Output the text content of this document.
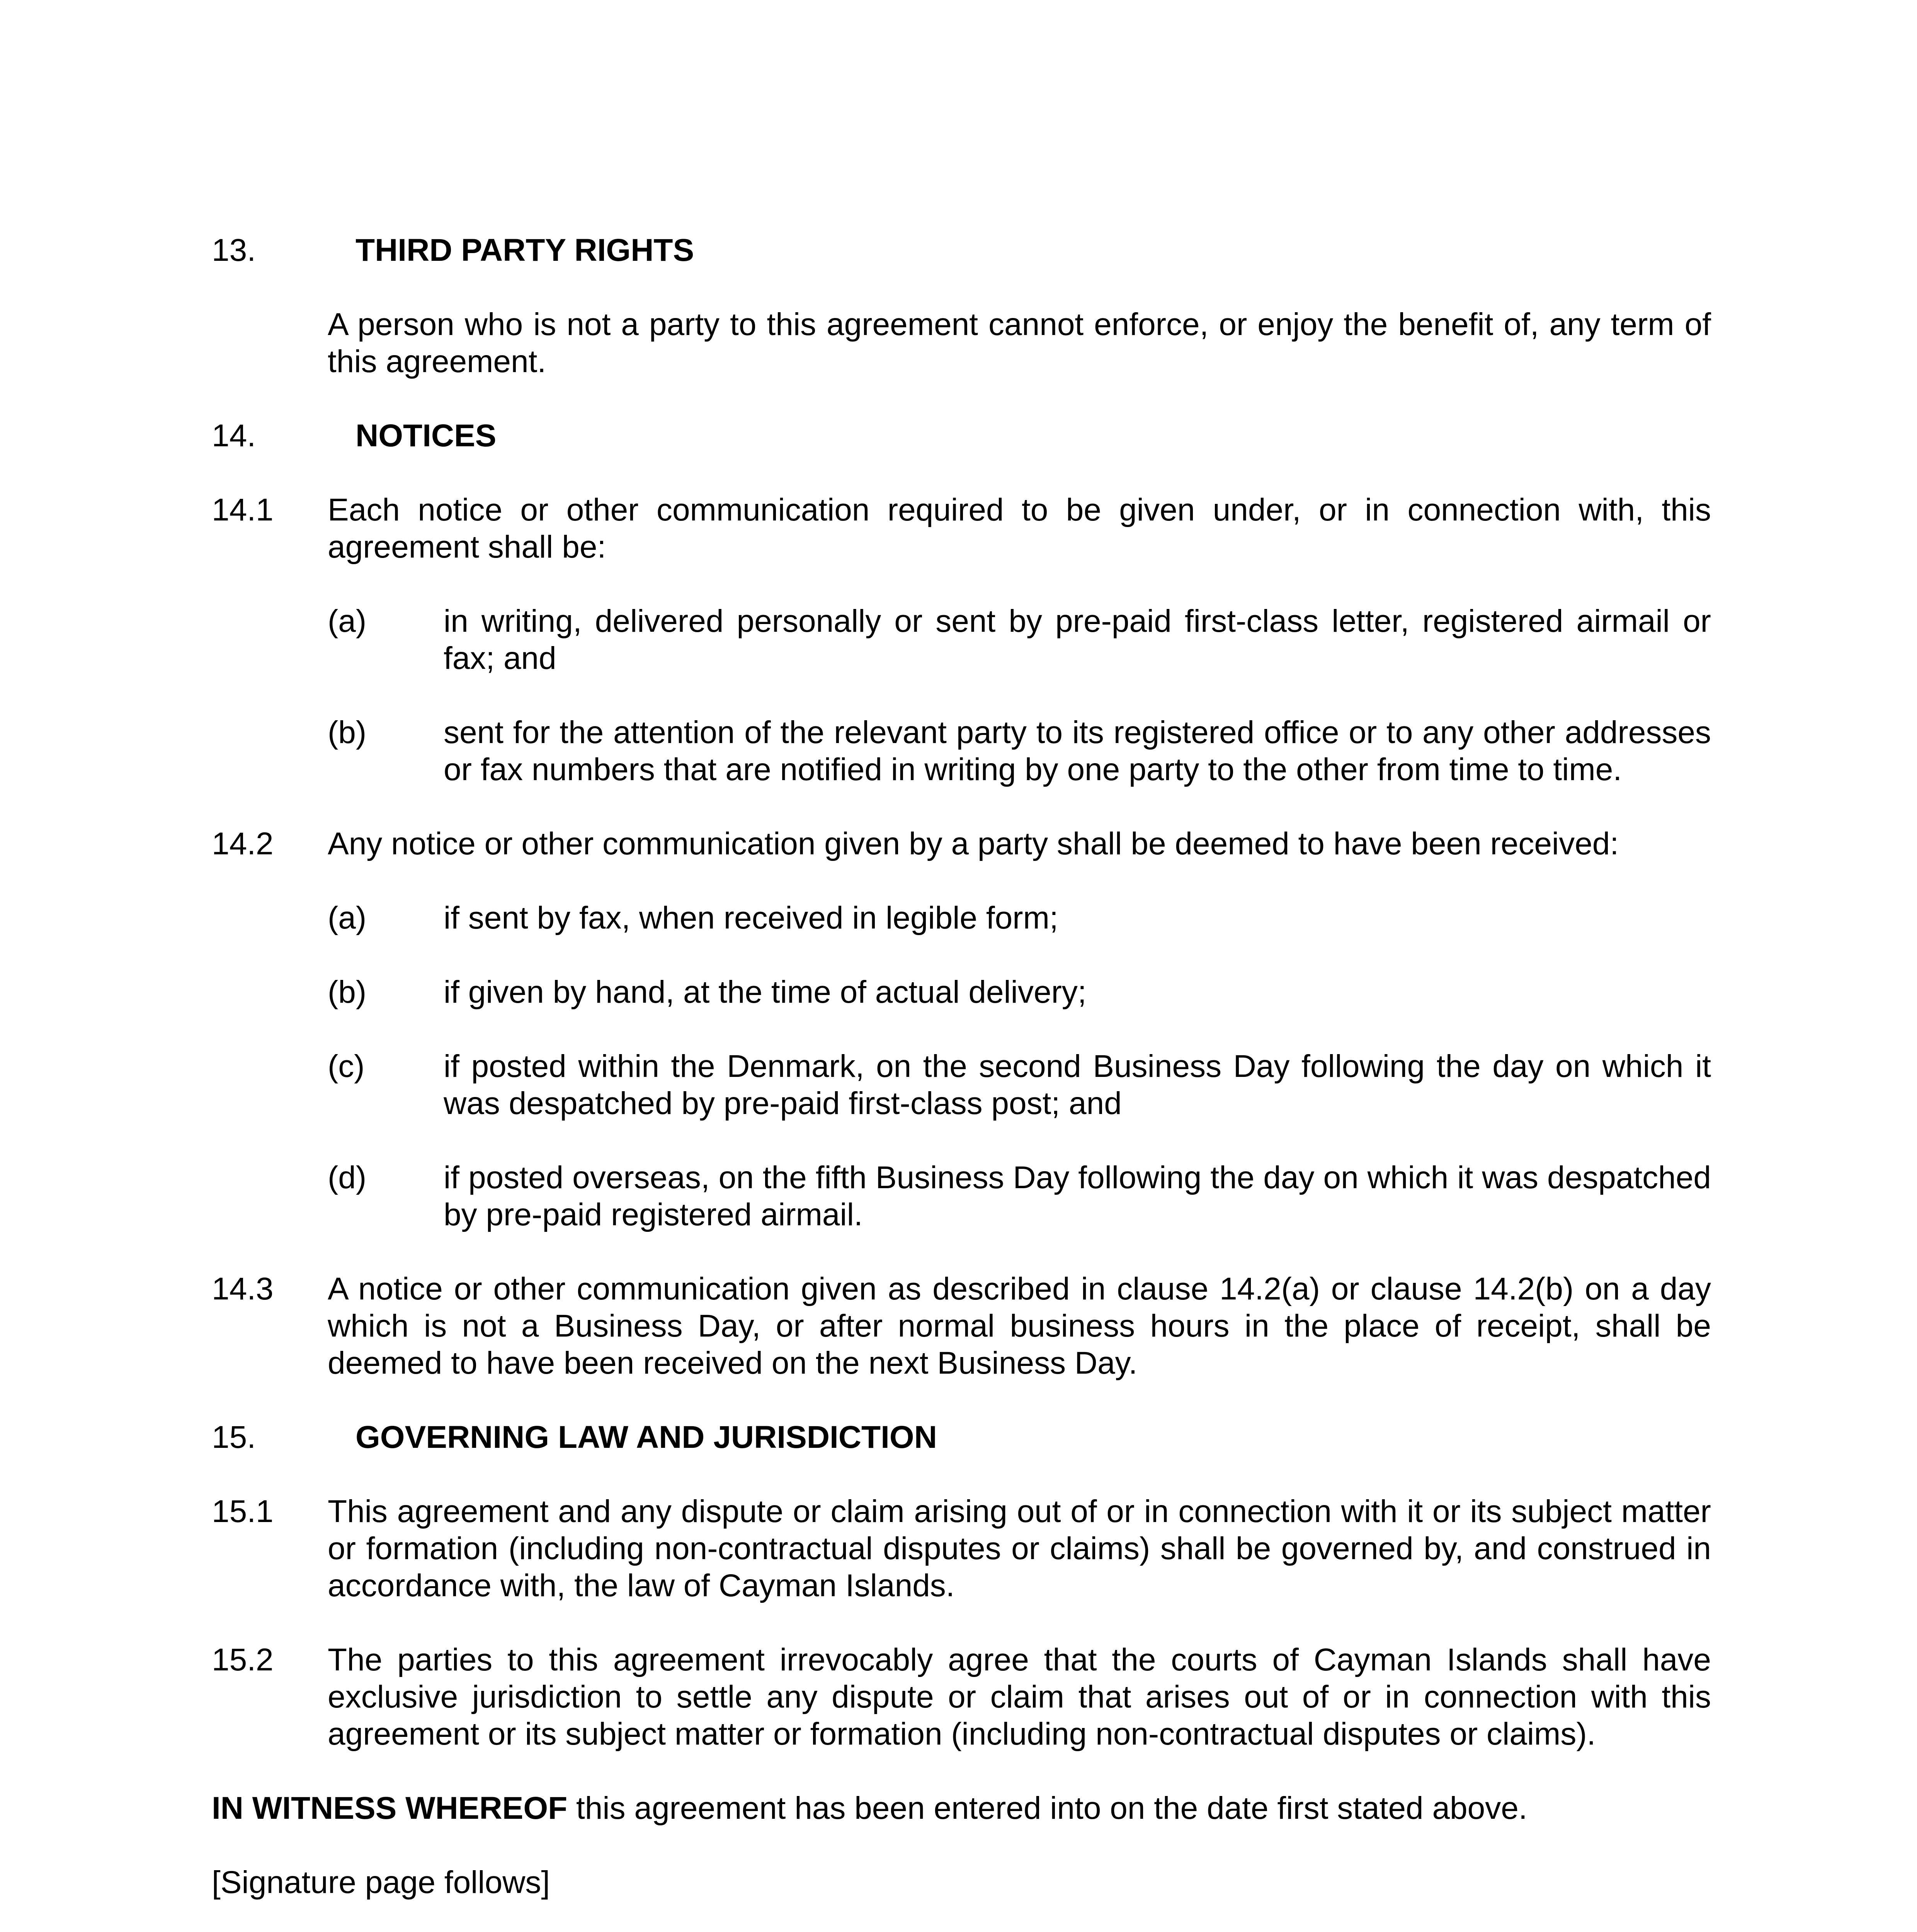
13.	THIRD PARTY RIGHTS
A person who is not a party to this agreement cannot enforce, or enjoy the benefit of, any term of this agreement.
14.	NOTICES
14.1 Each notice or other communication required to be given under, or in connection with, this agreement shall be:
(a) in writing, delivered personally or sent by pre-paid first-class letter, registered airmail or fax; and
(b) sent for the attention of the relevant party to its registered office or to any other addresses or fax numbers that are notified in writing by one party to the other from time to time.
14.2 Any notice or other communication given by a party shall be deemed to have been received:
(a) if sent by fax, when received in legible form;
(b) if given by hand, at the time of actual delivery;
(c) if posted within the Denmark, on the second Business Day following the day on which it was despatched by pre-paid first-class post; and
(d) if posted overseas, on the fifth Business Day following the day on which it was despatched by pre-paid registered airmail.
14.3 A notice or other communication given as described in clause 14.2(a) or clause 14.2(b) on a day which is not a Business Day, or after normal business hours in the place of receipt, shall be deemed to have been received on the next Business Day.
15.	GOVERNING LAW AND JURISDICTION
15.1 This agreement and any dispute or claim arising out of or in connection with it or its subject matter or formation (including non-contractual disputes or claims) shall be governed by, and construed in accordance with, the law of Cayman Islands.
15.2 The parties to this agreement irrevocably agree that the courts of Cayman Islands shall have exclusive jurisdiction to settle any dispute or claim that arises out of or in connection with this agreement or its subject matter or formation (including non-contractual disputes or claims).
IN WITNESS WHEREOF this agreement has been entered into on the date first stated above.
[Signature page follows]
